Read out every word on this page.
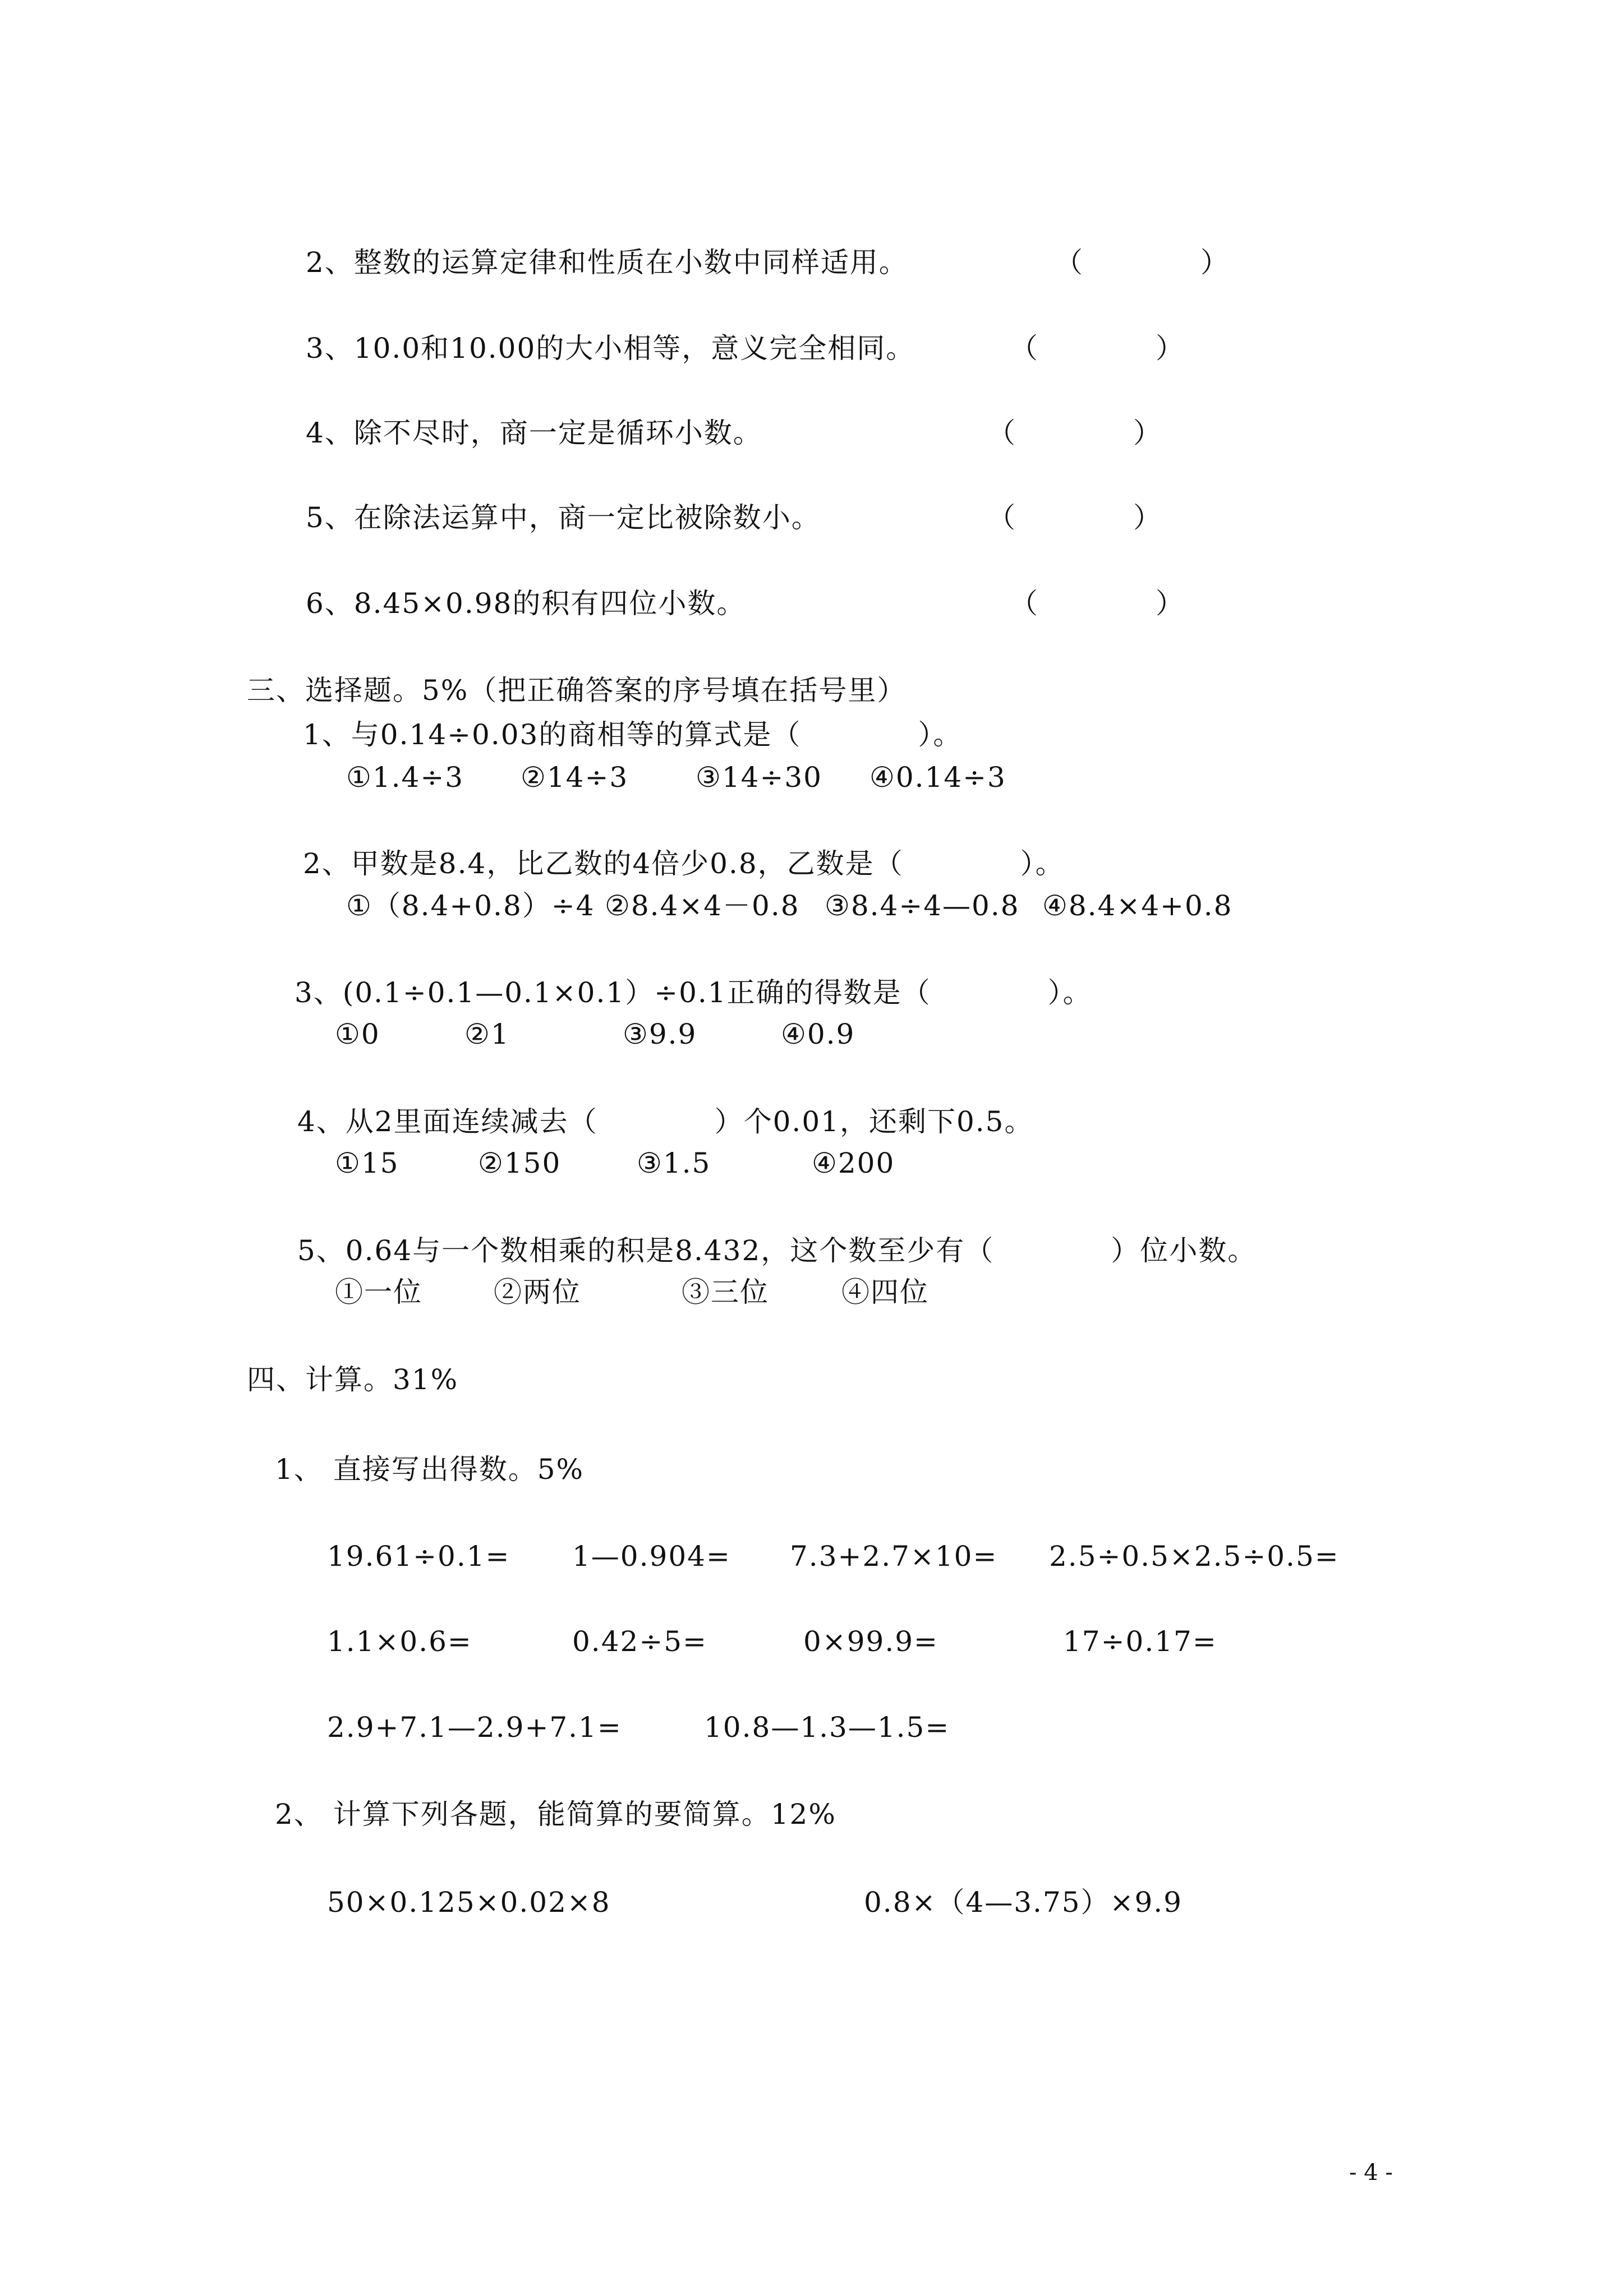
2、整数的运算定律和性质在小数中同样适用。	（　　　　）
3、10.0和10.00的大小相等，意义完全相同。	（　　　　）
4、除不尽时，商一定是循环小数。	（　　　　）
5、在除法运算中，商一定比被除数小。	（　　　　）
6、8.45×0.98的积有四位小数。	（　　　　）
三、选择题。5%（把正确答案的序号填在括号里）
1、与0.14÷0.03的商相等的算式是（　　　　）。
①1.4÷3 ②14÷3 ③14÷30 ④0.14÷3
2、甲数是8.4，比乙数的4倍少0.8，乙数是（　　　　）。
①（8.4+0.8）÷4 ②8.4×4－0.8 ③8.4÷4—0.8 ④8.4×4+0.8
3、(0.1÷0.1—0.1×0.1）÷0.1正确的得数是（　　　　）。
①0	②1	③9.9	④0.9
4、从2里面连续减去（　　　　）个0.01，还剩下0.5。
①15	②150	③1.5	④200
5、0.64与一个数相乘的积是8.432，这个数至少有（　　　　）位小数。
①一位	②两位	③三位	④四位
四、计算。31%
1、 直接写出得数。5%
19.61÷0.1= 1—0.904= 7.3+2.7×10= 2.5÷0.5×2.5÷0.5=
1.1×0.6=	0.42÷5=	0×99.9=	17÷0.17=
2.9+7.1—2.9+7.1=	10.8—1.3—1.5=
2、 计算下列各题，能简算的要简算。12%
50×0.125×0.02×8	0.8×（4—3.75）×9.9
- 4 -
